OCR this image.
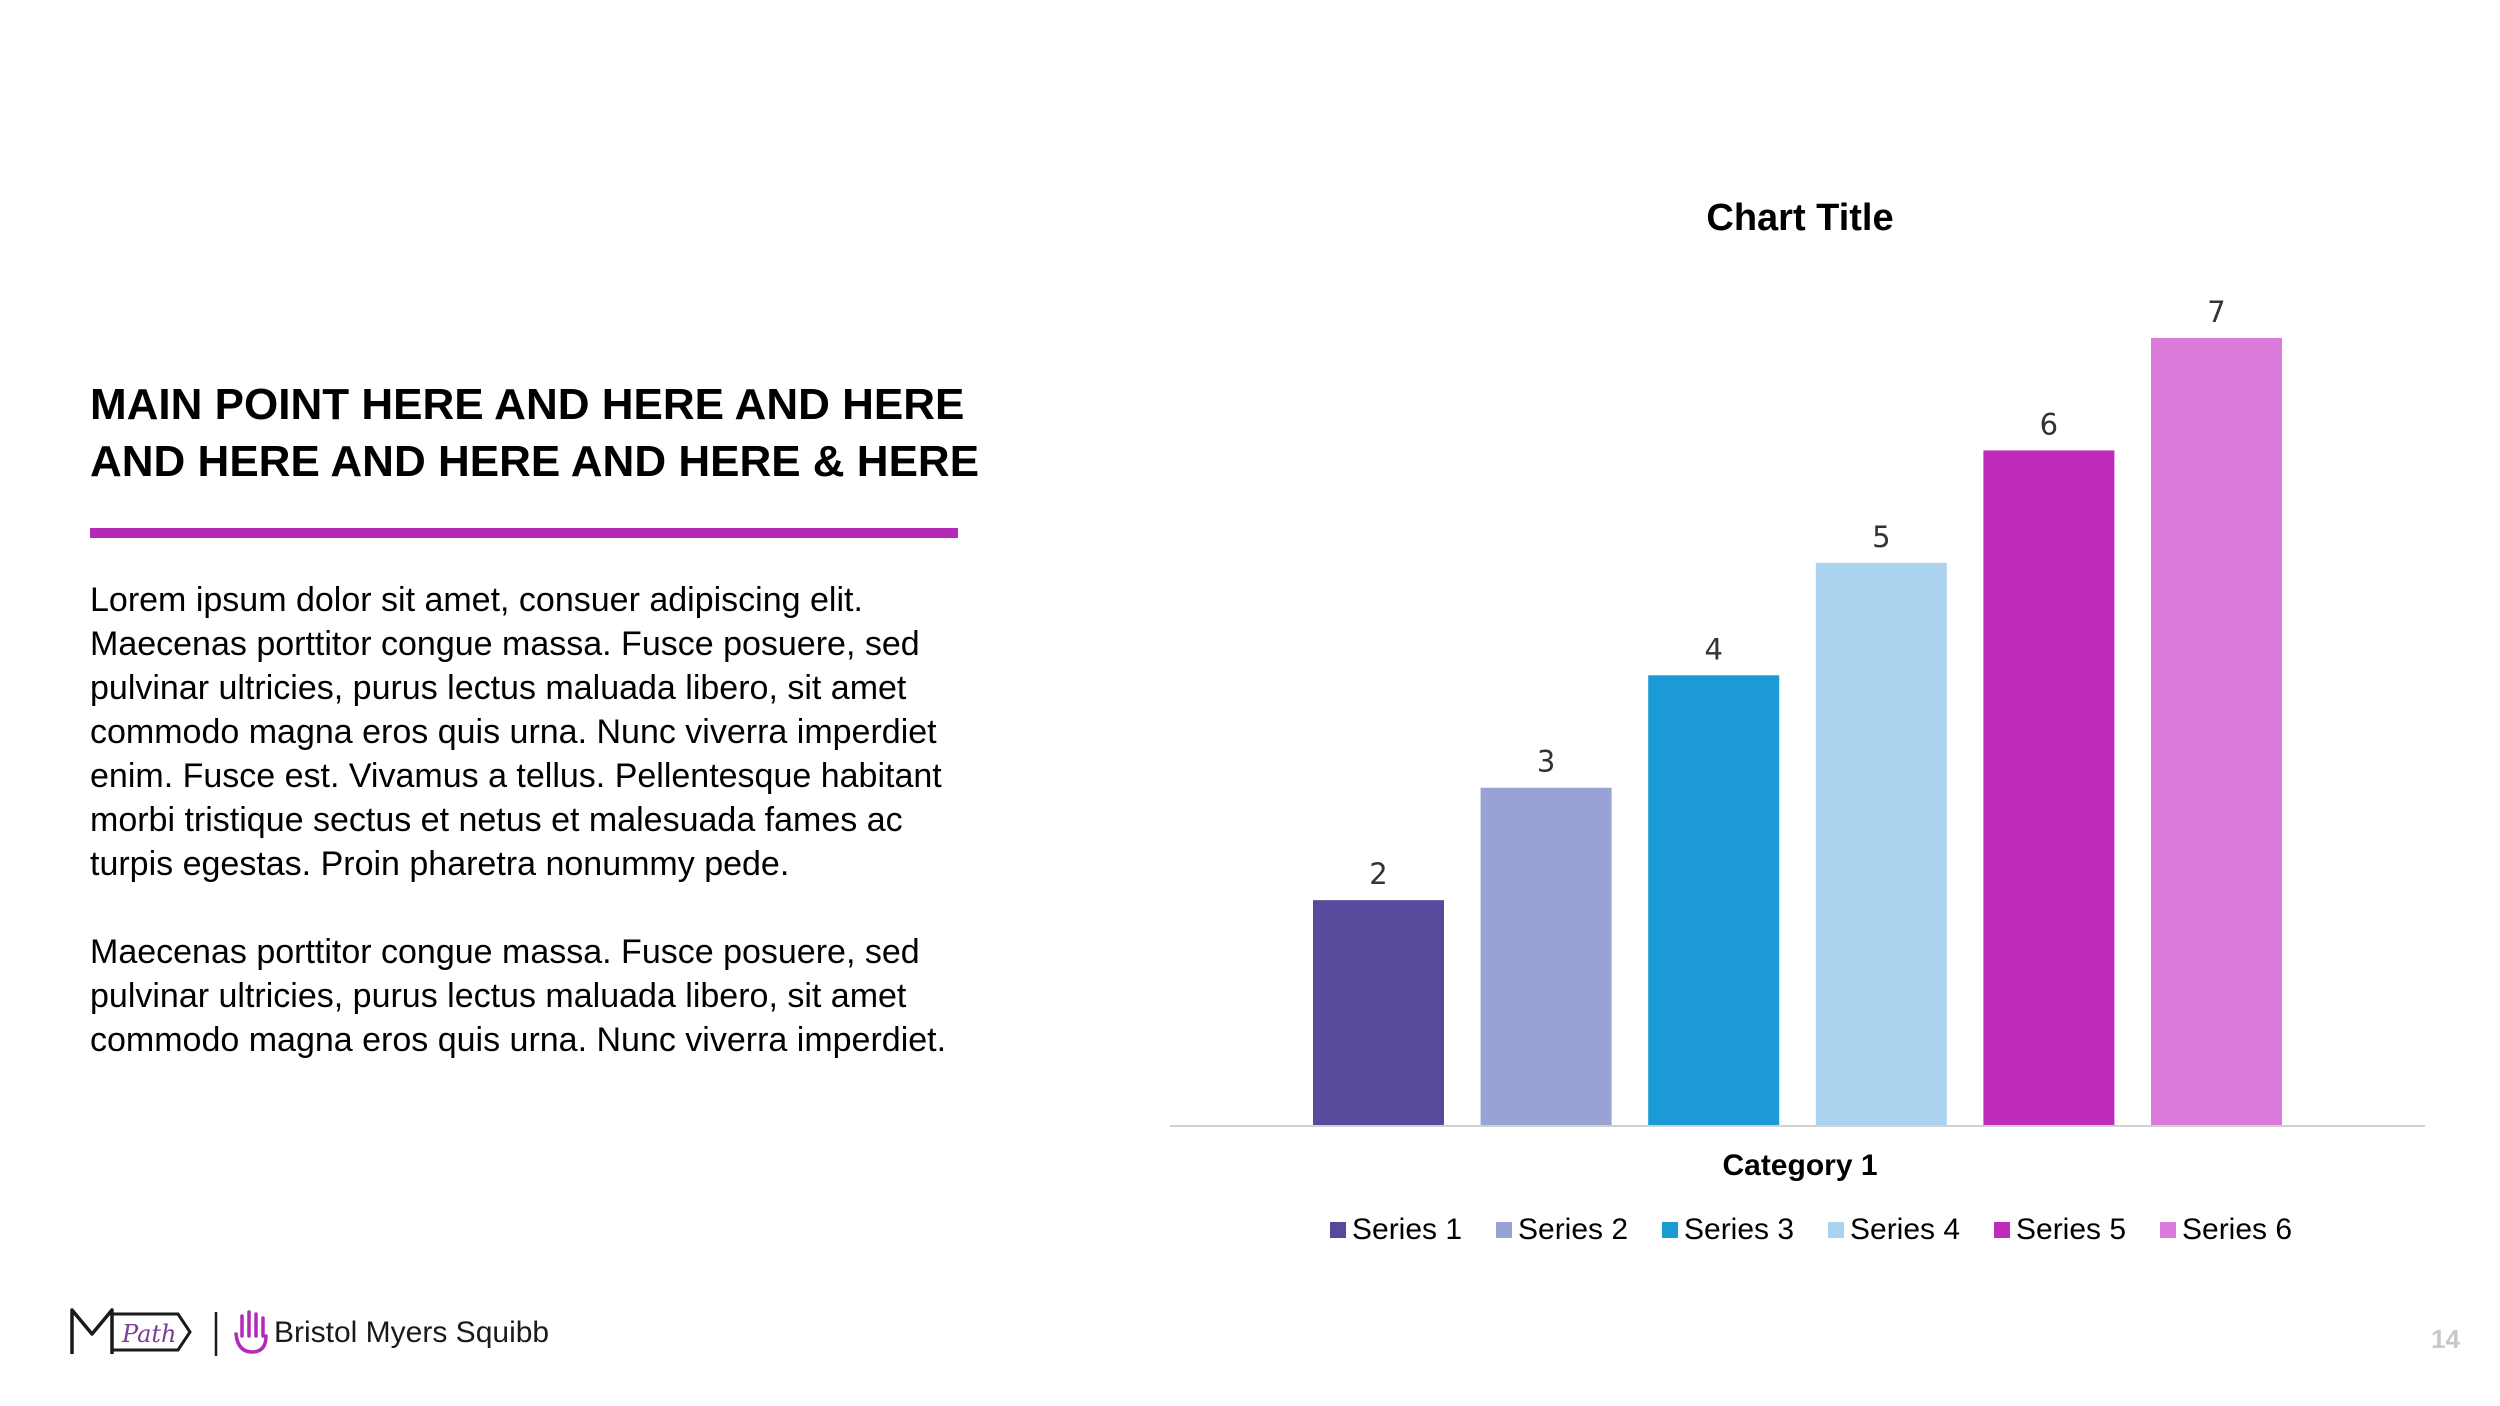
MAIN POINT HERE AND HERE AND HERE
AND HERE AND HERE AND HERE & HERE
Lorem ipsum dolor sit amet, consuer adipiscing elit.
Maecenas porttitor congue massa. Fusce posuere, sed
pulvinar ultricies, purus lectus maluada libero, sit amet
commodo magna eros quis urna. Nunc viverra imperdiet
enim. Fusce est. Vivamus a tellus. Pellentesque habitant
morbi tristique sectus et netus et malesuada fames ac
turpis egestas. Proin pharetra nonummy pede.
Maecenas porttitor congue massa. Fusce posuere, sed
pulvinar ultricies, purus lectus maluada libero, sit amet
commodo magna eros quis urna. Nunc viverra imperdiet.
Chart Title
2
3
4
5
6
7
Category 1
Series 1 Series 2 Series 3 Series 4 Series 5 Series 6
Path	Bristol Myers Squibb	14
